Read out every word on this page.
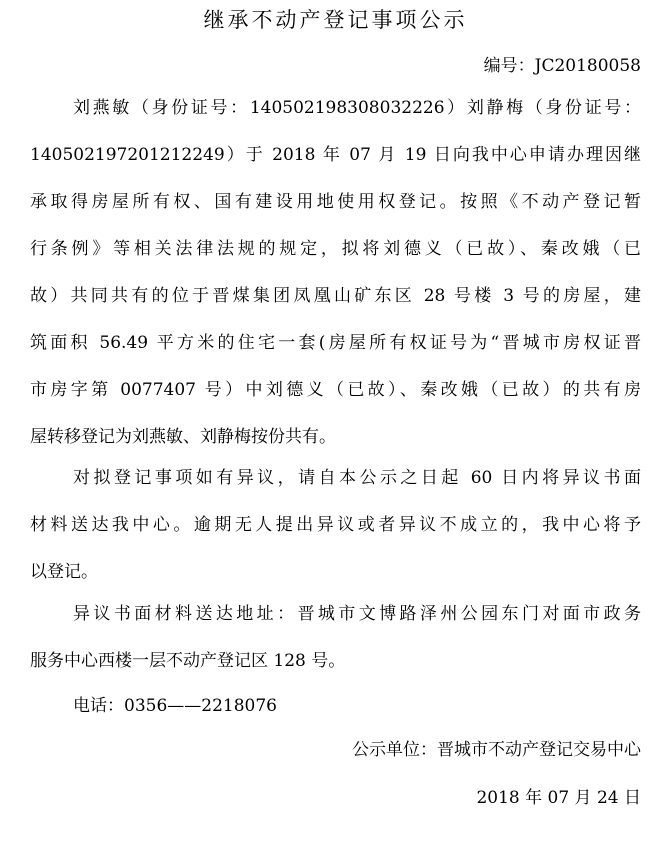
继承不动产登记事项公示
编号：JC20180058
刘燕敏（身份证号：140502198308032226）刘静梅（身份证号：
140502197201212249）于 2018 年 07 月 19 日向我中心申请办理因继
承取得房屋所有权、国有建设用地使用权登记。按照《不动产登记暂
行条例》等相关法律法规的规定，拟将刘德义（已故）、秦改娥（已
故）共同共有的位于晋煤集团凤凰山矿东区 28 号楼 3 号的房屋，建
筑面积 56.49 平方米的住宅一套(房屋所有权证号为“晋城市房权证晋
市房字第 0077407 号）中刘德义（已故）、秦改娥（已故）的共有房
屋转移登记为刘燕敏、刘静梅按份共有。
对拟登记事项如有异议，请自本公示之日起 60 日内将异议书面
材料送达我中心。逾期无人提出异议或者异议不成立的，我中心将予
以登记。
异议书面材料送达地址：晋城市文博路泽州公园东门对面市政务
服务中心西楼一层不动产登记区 128 号。
电话：0356——2218076
公示单位：晋城市不动产登记交易中心
2018 年 07 月 24 日
